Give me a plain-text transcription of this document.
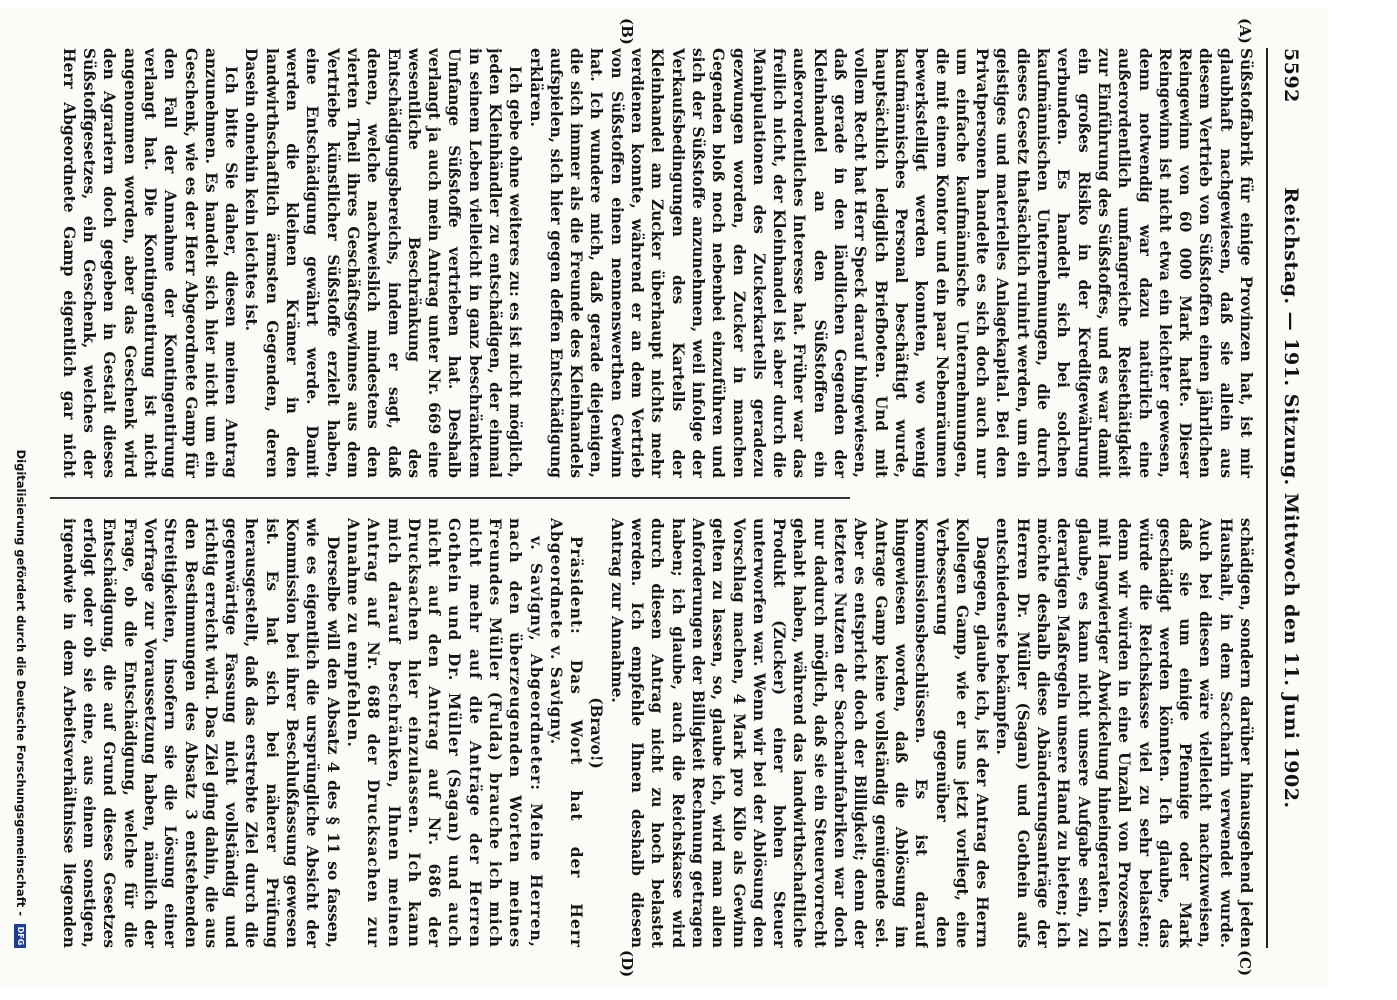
5592
Reichstag. — 191. Sitzung. Mittwoch den 11. Juni 1902.
(A)
(B)
(C)
(D)

Süßstoffabrik für einige Provinzen hat, ist mir glaubhaft nachgewiesen, daß sie allein aus diesem Vertrieb von Süßstoffen einen jährlichen Reingewinn von 60 000 Mark hatte. Dieser Reingewinn ist nicht etwa ein leichter gewesen, denn notwendig war dazu natürlich eine außerordentlich umfangreiche Reisethätigkeit zur Einführung des Süßstoffes, und es war damit ein großes Risiko in der Kreditgewährung verbunden. Es handelt sich bei solchen kaufmännischen Unternehmungen, die durch dieses Gesetz thatsächlich ruinirt werden, um ein geistiges und materielles Anlagekapital. Bei den Privatpersonen handelte es sich doch auch nur um einfache kaufmännische Unternehmungen, die mit einem Kontor und ein paar Nebenräumen bewerkstelligt werden konnten, wo wenig kaufmännisches Personal beschäftigt wurde, hauptsächlich lediglich Briefboten. Und mit vollem Recht hat Herr Speck darauf hingewiesen, daß gerade in den ländlichen Gegenden der Kleinhandel an den Süßstoffen ein außerordentliches Interesse hat. Früher war das freilich nicht, der Kleinhandel ist aber durch die Manipulationen des Zuckerkartells geradezu gezwungen worden, den Zucker in manchen Gegenden bloß noch nebenbei einzuführen und sich der Süßstoffe anzunehmen, weil infolge der Verkaufsbedingungen des Kartells der Kleinhandel am Zucker überhaupt nichts mehr verdienen konnte, während er an dem Vertrieb von Süßstoffen einen nennenswerthen Gewinn hat. Ich wundere mich, daß gerade diejenigen, die sich immer als die Freunde des Kleinhandels aufspielen, sich hier gegen deffen Entschädigung erklären.

Ich gebe ohne weiteres zu: es ist nicht möglich, jeden Kleinhändler zu entschädigen, der einmal in seinem Leben vielleicht in ganz beschränktem Umfange Süßstoffe vertrieben hat. Deshalb verlangt ja auch mein Antrag unter Nr. 669 eine wesentliche Beschränkung des Entschädigungsbereichs, indem er sagt, daß denen, welche nachweislich mindestens den vierten Theil ihres Geschäftsgewinnes aus dem Vertriebe künstlicher Süßstoffe erzielt haben, eine Entschädigung gewährt werde. Damit werden die kleinen Krämer in den landwirthschaftlich ärmsten Gegenden, deren Dasein ohnehin kein leichtes ist.

Ich bitte Sie daher, diesen meinen Antrag anzunehmen. Es handelt sich hier nicht um ein Geschenk, wie es der Herr Abgeordnete Gamp für den Fall der Annahme der Kontingentirung verlangt hat. Die Kontingentirung ist nicht angenommen worden, aber das Geschenk wird den Agrariern doch gegeben in Gestalt dieses Süßstoffgesetzes, ein Geschenk, welches der Herr Abgeordnete Gamp eigentlich gar nicht

schädigen, sondern darüber hinausgehend jeden Haushalt, in dem Saccharin verwendet wurde. Auch bei diesen wäre vielleicht nachzuweisen, daß sie um einige Pfennige oder Mark geschädigt werden könnten. Ich glaube, das würde die Reichskasse viel zu sehr belasten; denn wir würden in eine Unzahl von Prozessen mit langwieriger Abwickelung hineingeraten. Ich glaube, es kann nicht unsere Aufgabe sein, zu derartigen Maßregeln unsere Hand zu bieten; ich möchte deshalb diese Abänderungsanträge der Herren Dr. Müller (Sagan) und Gothein aufs entschiedenste bekämpfen.

Dagegen, glaube ich, ist der Antrag des Herrn Kollegen Gamp, wie er uns jetzt vorliegt, eine Verbesserung gegenüber den Kommissionsbeschlüssen. Es ist darauf hingewiesen worden, daß die Ablösung im Antrage Gamp keine vollständig genügende sei. Aber es entspricht doch der Billigkeit; denn der letztere Nutzen der Saccharinfabriken war doch nur dadurch möglich, daß sie ein Steuervorrecht gehabt haben, während das landwirthschaftliche Produkt (Zucker) einer hohen Steuer unterworfen war. Wenn wir bei der Ablösung den Vorschlag machen, 4 Mark pro Kilo als Gewinn gelten zu lassen, so, glaube ich, wird man allen Anforderungen der Billigkeit Rechnung getragen haben; ich glaube, auch die Reichskasse wird durch diesen Antrag nicht zu hoch belastet werden. Ich empfehle Ihnen deshalb diesen Antrag zur Annahme.

(Bravo!)

Präsident: Das Wort hat der Herr Abgeordnete v. Savigny.

v. Savigny, Abgeordneter: Meine Herren, nach den überzeugenden Worten meines Freundes Müller (Fulda) brauche ich mich nicht mehr auf die Anträge der Herren Gothein und Dr. Müller (Sagan) und auch nicht auf den Antrag auf Nr. 686 der Drucksachen hier einzulassen. Ich kann mich darauf beschränken, Ihnen meinen Antrag auf Nr. 688 der Drucksachen zur Annahme zu empfehlen.

Derselbe will den Absatz 4 des § 11 so fassen, wie es eigentlich die ursprüngliche Absicht der Kommission bei ihrer Beschlußfassung gewesen ist. Es hat sich bei näherer Prüfung herausgestellt, daß das erstrebte Ziel durch die gegenwärtige Fassung nicht vollständig und richtig erreicht wird. Das Ziel ging dahin, die aus den Bestimmungen des Absatz 3 entstehenden Streitigkeiten, insofern sie die Lösung einer Vorfrage zur Voraussetzung haben, nämlich der Frage, ob die Entschädigung, welche für die Entschädigung, die auf Grund dieses Gesetzes erfolgt oder ob sie eine, aus einem sonstigen, irgendwie in dem Arbeitsverhältnisse liegenden

Digitalisierung gefördert durch die Deutsche Forschungsgemeinschaft - DFG
